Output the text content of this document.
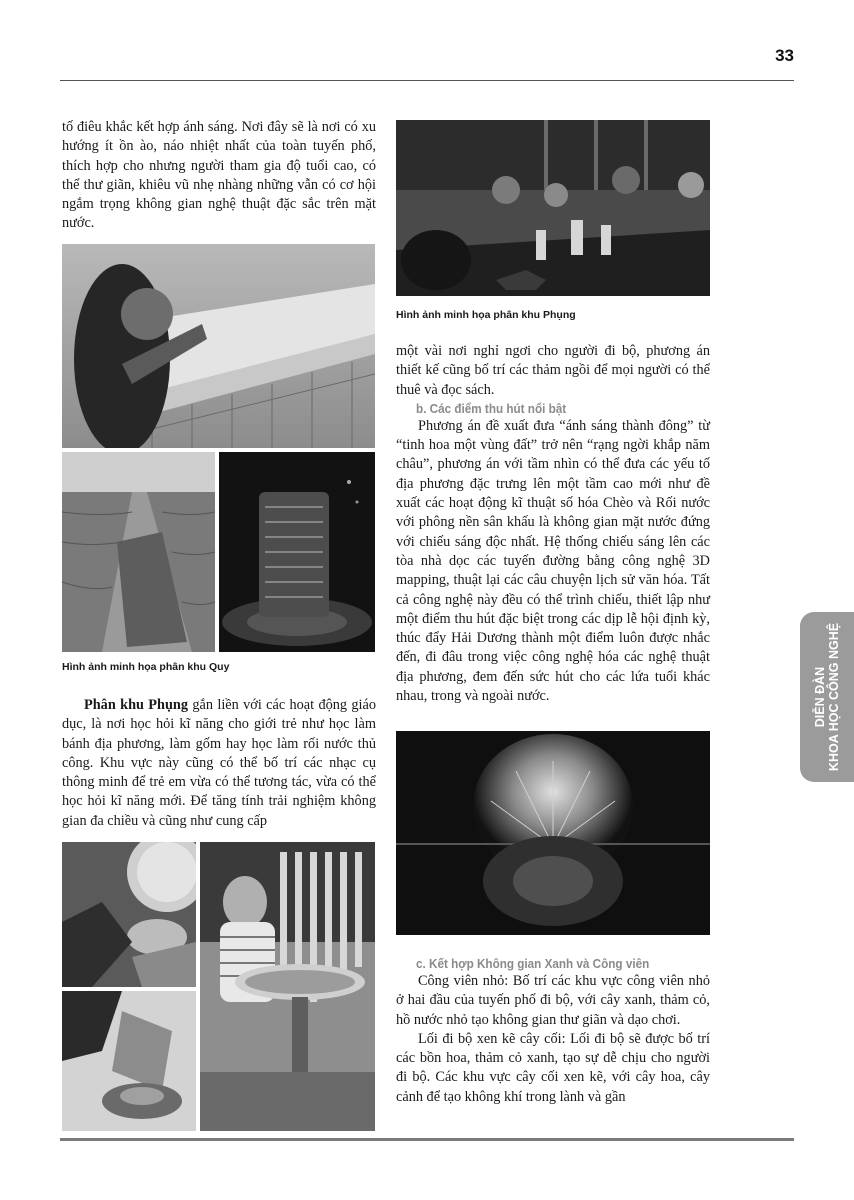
33

tố điêu khắc kết hợp ánh sáng. Nơi đây sẽ là nơi có xu hướng ít ồn ào, náo nhiệt nhất của toàn tuyến phố, thích hợp cho nhưng người tham gia độ tuổi cao, có thể thư giãn, khiêu vũ nhẹ nhàng những vẫn có cơ hội ngắm trọng không gian nghệ thuật đặc sắc trên mặt nước.

Hình ảnh minh họa phân khu Quy

Phân khu Phụng gắn liền với các hoạt động giáo dục, là nơi học hỏi kĩ năng cho giới trẻ như học làm bánh địa phương, làm gốm hay học làm rối nước thủ công. Khu vực này cũng có thể bố trí các nhạc cụ thông minh để trẻ em vừa có thể tương tác, vừa có thể học hỏi kĩ năng mới. Để tăng tính trải nghiệm không gian đa chiều và cũng như cung cấp

Hình ảnh minh họa phân khu Phụng

một vài nơi nghỉ ngơi cho người đi bộ, phương án thiết kế cũng bố trí các thảm ngồi để mọi người có thể thuê và đọc sách.

b. Các điểm thu hút nổi bật

Phương án đề xuất đưa “ánh sáng thành đông” từ “tinh hoa một vùng đất” trở nên “rạng ngời khắp năm châu”, phương án với tầm nhìn có thể đưa các yếu tố địa phương đặc trưng lên một tầm cao mới như đề xuất các hoạt động kĩ thuật số hóa Chèo và Rối nước với phông nền sân khấu là không gian mặt nước đứng với chiếu sáng độc nhất. Hệ thống chiếu sáng lên các tòa nhà dọc các tuyến đường bằng công nghệ 3D mapping, thuật lại các câu chuyện lịch sử văn hóa. Tất cả công nghệ này đều có thể trình chiếu, thiết lập như một điểm thu hút đặc biệt trong các dịp lễ hội định kỳ, thúc đẩy Hải Dương thành một điểm luôn được nhắc đến, đi đâu trong việc công nghệ hóa các nghệ thuật địa phương, đem đến sức hút cho các lứa tuổi khác nhau, trong và ngoài nước.

c. Kết hợp Không gian Xanh và Công viên

Công viên nhỏ: Bố trí các khu vực công viên nhỏ ở hai đầu của tuyến phố đi bộ, với cây xanh, thảm cỏ, hồ nước nhỏ tạo không gian thư giãn và dạo chơi.

Lối đi bộ xen kẽ cây cối: Lối đi bộ sẽ được bố trí các bồn hoa, thảm cỏ xanh, tạo sự dễ chịu cho người đi bộ. Các khu vực cây cối xen kẽ, với cây hoa, cây cảnh để tạo không khí trong lành và gần

DIỄN ĐÀN KHOA HỌC CÔNG NGHỆ
